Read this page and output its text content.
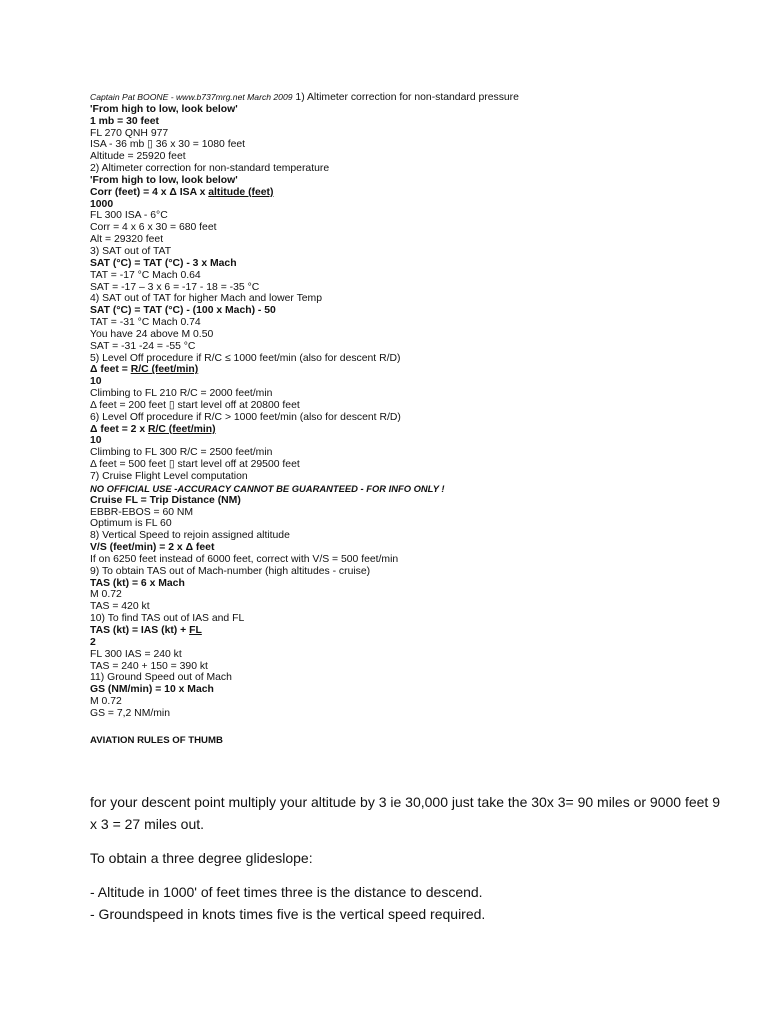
Captain Pat BOONE - www.b737mrg.net March 2009 1) Altimeter correction for non-standard pressure
'From high to low, look below'
1 mb = 30 feet
FL 270 QNH 977
ISA - 36 mb ▯ 36 x 30 = 1080 feet
Altitude = 25920 feet
2) Altimeter correction for non-standard temperature
'From high to low, look below'
Corr (feet) = 4 x Δ ISA x altitude (feet)
1000
FL 300 ISA - 6°C
Corr = 4 x 6 x 30 = 680 feet
Alt = 29320 feet
3) SAT out of TAT
SAT (°C) = TAT (°C) - 3 x Mach
TAT = -17 °C Mach 0.64
SAT = -17 – 3 x 6 = -17 - 18 = -35 °C
4) SAT out of TAT for higher Mach and lower Temp
SAT (°C) = TAT (°C) - (100 x Mach) - 50
TAT = -31 °C Mach 0.74
You have 24 above M 0.50
SAT = -31 -24 = -55 °C
5) Level Off procedure if R/C ≤ 1000 feet/min (also for descent R/D)
Δ feet = R/C (feet/min)
10
Climbing to FL 210 R/C = 2000 feet/min
Δ feet = 200 feet ▯ start level off at 20800 feet
6) Level Off procedure if R/C > 1000 feet/min (also for descent R/D)
Δ feet = 2 x R/C (feet/min)
10
Climbing to FL 300 R/C = 2500 feet/min
Δ feet = 500 feet ▯ start level off at 29500 feet
7) Cruise Flight Level computation
NO OFFICIAL USE -ACCURACY CANNOT BE GUARANTEED - FOR INFO ONLY !
Cruise FL = Trip Distance (NM)
EBBR-EBOS = 60 NM
Optimum is FL 60
8) Vertical Speed to rejoin assigned altitude
V/S (feet/min) = 2 x Δ feet
If on 6250 feet instead of 6000 feet, correct with V/S = 500 feet/min
9) To obtain TAS out of Mach-number (high altitudes - cruise)
TAS (kt) = 6 x Mach
M 0.72
TAS = 420 kt
10) To find TAS out of IAS and FL
TAS (kt) = IAS (kt) + FL
2
FL 300 IAS = 240 kt
TAS = 240 + 150 = 390 kt
11) Ground Speed out of Mach
GS (NM/min) = 10 x Mach
M 0.72
GS = 7,2 NM/min
AVIATION RULES OF THUMB
for your descent point multiply your altitude by 3 ie 30,000 just take the 30x 3= 90 miles or 9000 feet 9 x 3 = 27 miles out.
To obtain a three degree glideslope:
- Altitude in 1000' of feet times three is the distance to descend.
- Groundspeed in knots times five is the vertical speed required.
